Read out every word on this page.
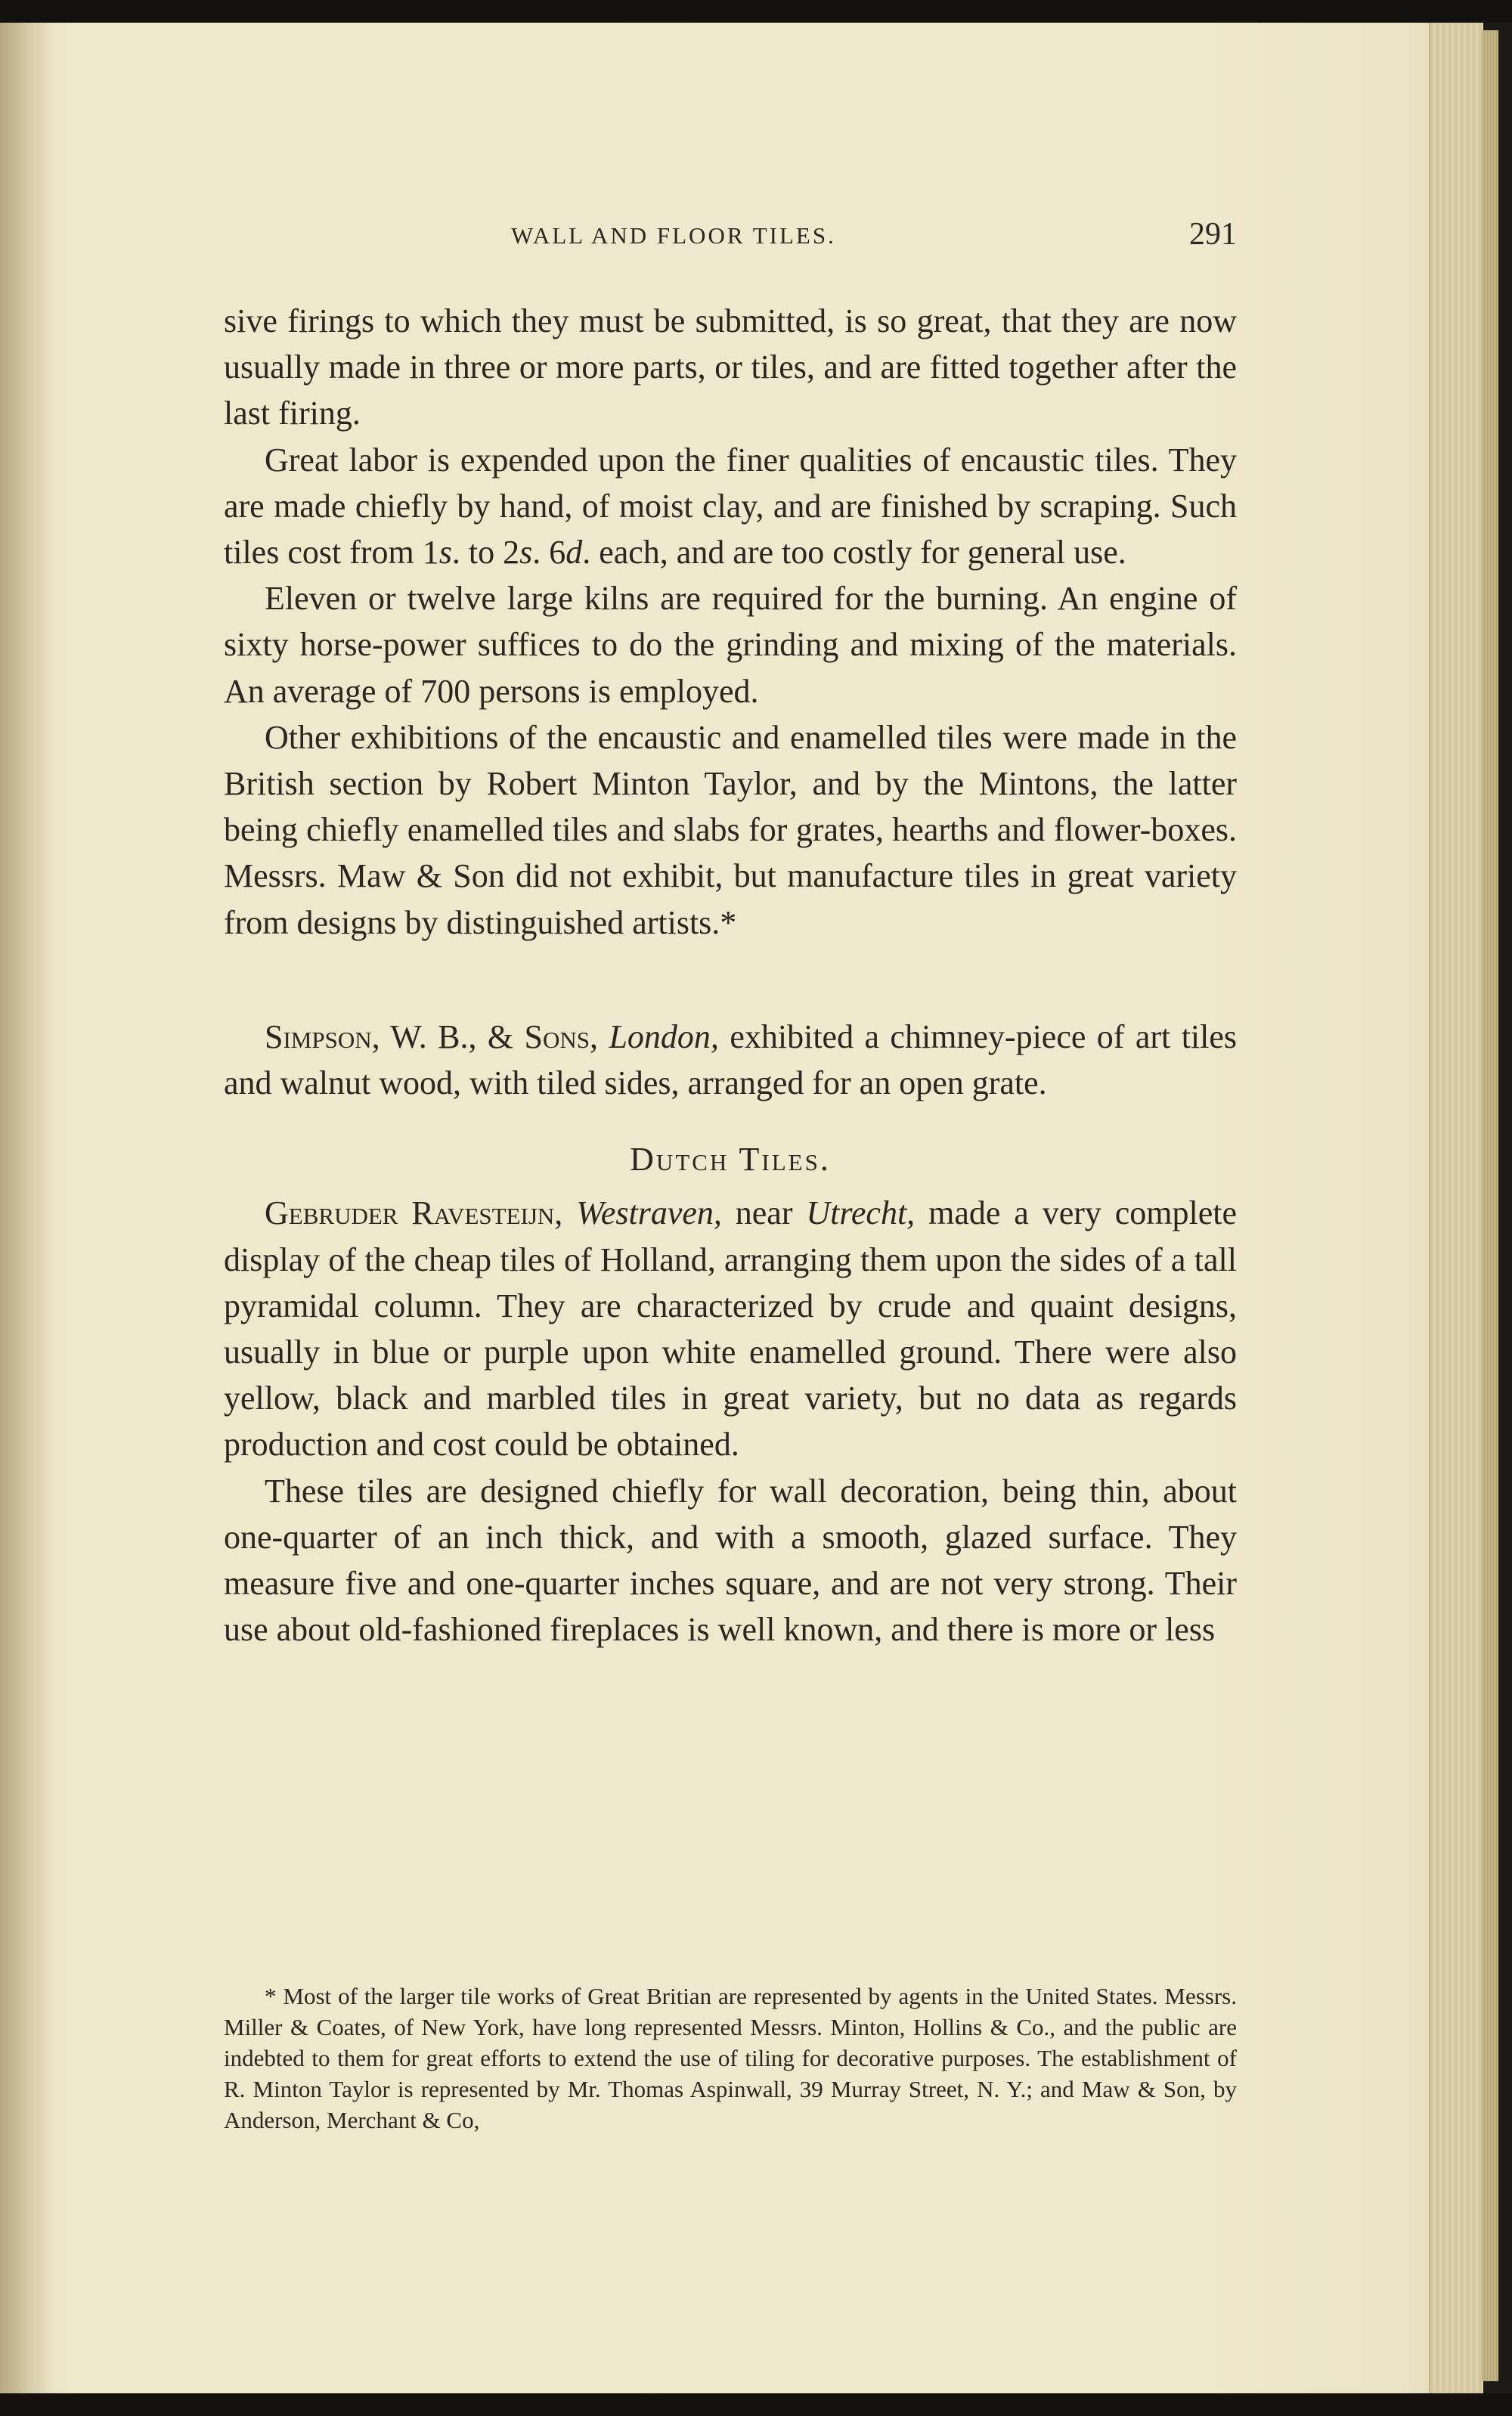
WALL AND FLOOR TILES.	291

sive firings to which they must be submitted, is so great, that they are now usually made in three or more parts, or tiles, and are fitted together after the last firing.

Great labor is expended upon the finer qualities of encaustic tiles. They are made chiefly by hand, of moist clay, and are finished by scraping. Such tiles cost from 1s. to 2s. 6d. each, and are too costly for general use.

Eleven or twelve large kilns are required for the burning. An engine of sixty horse-power suffices to do the grinding and mixing of the materials. An average of 700 persons is employed.

Other exhibitions of the encaustic and enamelled tiles were made in the British section by Robert Minton Taylor, and by the Mintons, the latter being chiefly enamelled tiles and slabs for grates, hearths and flower-boxes. Messrs. Maw & Son did not exhibit, but manufacture tiles in great variety from designs by distinguished artists.*

Simpson, W. B., & Sons, London, exhibited a chimney-piece of art tiles and walnut wood, with tiled sides, arranged for an open grate.

Dutch Tiles.

Gebruder Ravesteijn, Westraven, near Utrecht, made a very complete display of the cheap tiles of Holland, arranging them upon the sides of a tall pyramidal column. They are characterized by crude and quaint designs, usually in blue or purple upon white enamelled ground. There were also yellow, black and marbled tiles in great variety, but no data as regards production and cost could be obtained.

These tiles are designed chiefly for wall decoration, being thin, about one-quarter of an inch thick, and with a smooth, glazed surface. They measure five and one-quarter inches square, and are not very strong. Their use about old-fashioned fireplaces is well known, and there is more or less

* Most of the larger tile works of Great Britian are represented by agents in the United States. Messrs. Miller & Coates, of New York, have long represented Messrs. Minton, Hollins & Co., and the public are indebted to them for great efforts to extend the use of tiling for decorative purposes. The establishment of R. Minton Taylor is represented by Mr. Thomas Aspinwall, 39 Murray Street, N. Y.; and Maw & Son, by Anderson, Merchant & Co,
